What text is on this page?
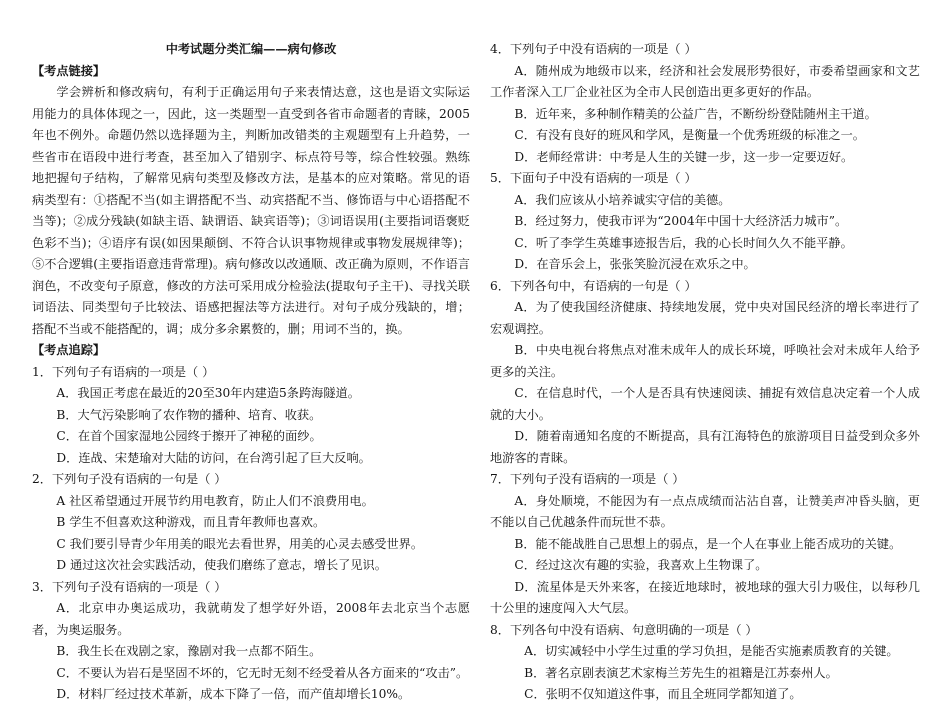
中考试题分类汇编——病句修改

【考点链接】

学会辨析和修改病句，有利于正确运用句子来表情达意，这也是语文实际运用能力的具体体现之一，因此，这一类题型一直受到各省市命题者的青睐，2005年也不例外。命题仍然以选择题为主，判断加改错类的主观题型有上升趋势，一些省市在语段中进行考查，甚至加入了错别字、标点符号等，综合性较强。熟练地把握句子结构，了解常见病句类型及修改方法，是基本的应对策略。常见的语病类型有：①搭配不当(如主谓搭配不当、动宾搭配不当、修饰语与中心语搭配不当等)；②成分残缺(如缺主语、缺谓语、缺宾语等)；③词语误用(主要指词语褒贬色彩不当)；④语序有误(如因果颠倒、不符合认识事物规律或事物发展规律等)；⑤不合逻辑(主要指语意违背常理)。病句修改以改通顺、改正确为原则，不作语言润色，不改变句子原意，修改的方法可采用成分检验法(提取句子主干)、寻找关联词语法、同类型句子比较法、语感把握法等方法进行。对句子成分残缺的，增；搭配不当或不能搭配的，调；成分多余累赘的，删；用词不当的，换。

【考点追踪】

1．下列句子有语病的一项是（ ）

A．我国正考虑在最近的20至30年内建造5条跨海隧道。

B．大气污染影响了农作物的播种、培育、收获。

C．在首个国家湿地公园终于擦开了神秘的面纱。

D．连战、宋楚瑜对大陆的访问，在台湾引起了巨大反响。

2．下列句子没有语病的一句是（ ）

A 社区希望通过开展节约用电教育，防止人们不浪费用电。

B 学生不但喜欢这种游戏，而且青年教师也喜欢。

C 我们要引导青少年用美的眼光去看世界，用美的心灵去感受世界。

D 通过这次社会实践活动，使我们磨练了意志，增长了见识。

3．下列句子没有语病的一项是（ ）

A．北京申办奥运成功，我就萌发了想学好外语，2008年去北京当个志愿者，为奥运服务。

B．我生长在戏剧之家，豫剧对我一点都不陌生。

C．不要认为岩石是坚固不坏的，它无时无刻不经受着从各方面来的“攻击”。

D．材料厂经过技术革新，成本下降了一倍，而产值却增长10%。

4．下列句子中没有语病的一项是（ ）

A．随州成为地级市以来，经济和社会发展形势很好，市委希望画家和文艺工作者深入工厂企业社区为全市人民创造出更多更好的作品。

B．近年来，多种制作精美的公益广告，不断纷纷登陆随州主干道。

C．有没有良好的班风和学风，是衡量一个优秀班级的标准之一。

D．老师经常讲：中考是人生的关键一步，这一步一定要迈好。

5．下面句子中没有语病的一项是（ ）

A．我们应该从小培养诚实守信的美德。

B．经过努力，使我市评为“2004年中国十大经济活力城市”。

C．听了李学生英雄事迹报告后，我的心长时间久久不能平静。

D．在音乐会上，张张笑脸沉浸在欢乐之中。

6．下列各句中，有语病的一句是（ ）

A．为了使我国经济健康、持续地发展，党中央对国民经济的增长率进行了宏观调控。

B．中央电视台将焦点对准未成年人的成长环境，呼唤社会对未成年人给予更多的关注。

C．在信息时代，一个人是否具有快速阅读、捕捉有效信息决定着一个人成就的大小。

D．随着南通知名度的不断提高，具有江海特色的旅游项目日益受到众多外地游客的青睐。

7．下列句子没有语病的一项是（ ）

A．身处顺境，不能因为有一点点成绩而沾沾自喜，让赞美声冲昏头脑，更不能以自己优越条件而玩世不恭。

B．能不能战胜自己思想上的弱点，是一个人在事业上能否成功的关键。

C．经过这次有趣的实验，我喜欢上生物课了。

D．流星体是天外来客，在接近地球时，被地球的强大引力吸住，以每秒几十公里的速度闯入大气层。

8．下列各句中没有语病、句意明确的一项是（ ）

A．切实减轻中小学生过重的学习负担，是能否实施素质教育的关键。

B．著名京剧表演艺术家梅兰芳先生的祖籍是江苏泰州人。

C．张明不仅知道这件事，而且全班同学都知道了。
